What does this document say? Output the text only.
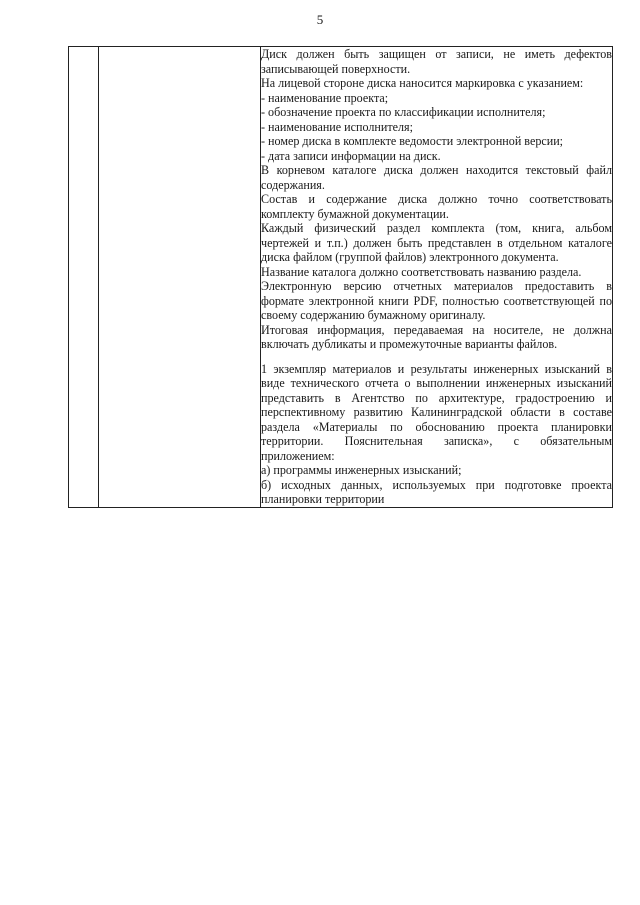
5

Диск должен быть защищен от записи, не иметь дефектов записывающей поверхности.

На лицевой стороне диска наносится маркировка с указанием:

- наименование проекта;

- обозначение проекта по классификации исполнителя;

- наименование исполнителя;

- номер диска в комплекте ведомости электронной версии;

- дата записи информации на диск.

В корневом каталоге диска должен находится текстовый файл содержания.

Состав и содержание диска должно точно соответствовать комплекту бумажной документации.

Каждый физический раздел комплекта (том, книга, альбом чертежей и т.п.) должен быть представлен в отдельном каталоге диска файлом (группой файлов) электронного документа.

Название каталога должно соответствовать названию раздела.

Электронную версию отчетных материалов предоставить в формате электронной книги PDF, полностью соответствующей по своему содержанию бумажному оригиналу.

Итоговая информация, передаваемая на носителе, не должна включать дубликаты и промежуточные варианты файлов.

1 экземпляр материалов и результаты инженерных изысканий в виде технического отчета о выполнении инженерных изысканий представить в Агентство по архитектуре, градостроению и перспективному развитию Калининградской области в составе раздела «Материалы по обоснованию проекта планировки территории. Пояснительная записка», с обязательным приложением:

а) программы инженерных изысканий;

б) исходных данных, используемых при подготовке проекта планировки территории
